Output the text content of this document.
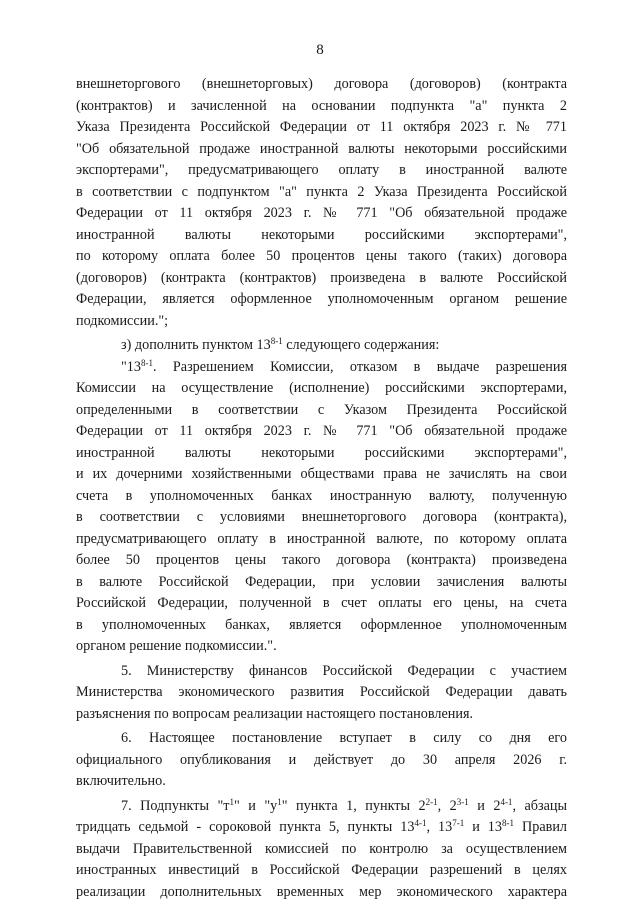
8
внешнеторгового (внешнеторговых) договора (договоров) (контракта
(контрактов) и зачисленной на основании подпункта "а" пункта 2
Указа Президента Российской Федерации от 11 октября 2023 г. № 771
"Об обязательной продаже иностранной валюты некоторыми российскими
экспортерами", предусматривающего оплату в иностранной валюте
в соответствии с подпунктом "а" пункта 2 Указа Президента Российской
Федерации от 11 октября 2023 г. № 771 "Об обязательной продаже
иностранной валюты некоторыми российскими экспортерами",
по которому оплата более 50 процентов цены такого (таких) договора
(договоров) (контракта (контрактов) произведена в валюте Российской
Федерации, является оформленное уполномоченным органом решение
подкомиссии.";
з) дополнить пунктом 13$^{8-1}$ следующего содержания:
"13$^{8-1}$. Разрешением Комиссии, отказом в выдаче разрешения
Комиссии на осуществление (исполнение) российскими экспортерами,
определенными в соответствии с Указом Президента Российской
Федерации от 11 октября 2023 г. № 771 "Об обязательной продаже
иностранной валюты некоторыми российскими экспортерами",
и их дочерними хозяйственными обществами права не зачислять на свои
счета в уполномоченных банках иностранную валюту, полученную
в соответствии с условиями внешнеторгового договора (контракта),
предусматривающего оплату в иностранной валюте, по которому оплата
более 50 процентов цены такого договора (контракта) произведена
в валюте Российской Федерации, при условии зачисления валюты
Российской Федерации, полученной в счет оплаты его цены, на счета
в уполномоченных банках, является оформленное уполномоченным
органом решение подкомиссии.".
5. Министерству финансов Российской Федерации с участием
Министерства экономического развития Российской Федерации давать
разъяснения по вопросам реализации настоящего постановления.
6. Настоящее постановление вступает в силу со дня его
официального опубликования и действует до 30 апреля 2026 г.
включительно.
7. Подпункты "$т^1$" и "$у^1$" пункта 1, пункты 2$^{2-1}$, 2$^{3-1}$ и 2$^{4-1}$, абзацы
тридцать седьмой - сороковой пункта 5, пункты 13$^{4-1}$, 13$^{7-1}$ и 13$^{8-1}$ Правил
выдачи Правительственной комиссией по контролю за осуществлением
иностранных инвестиций в Российской Федерации разрешений в целях
реализации дополнительных временных мер экономического характера
